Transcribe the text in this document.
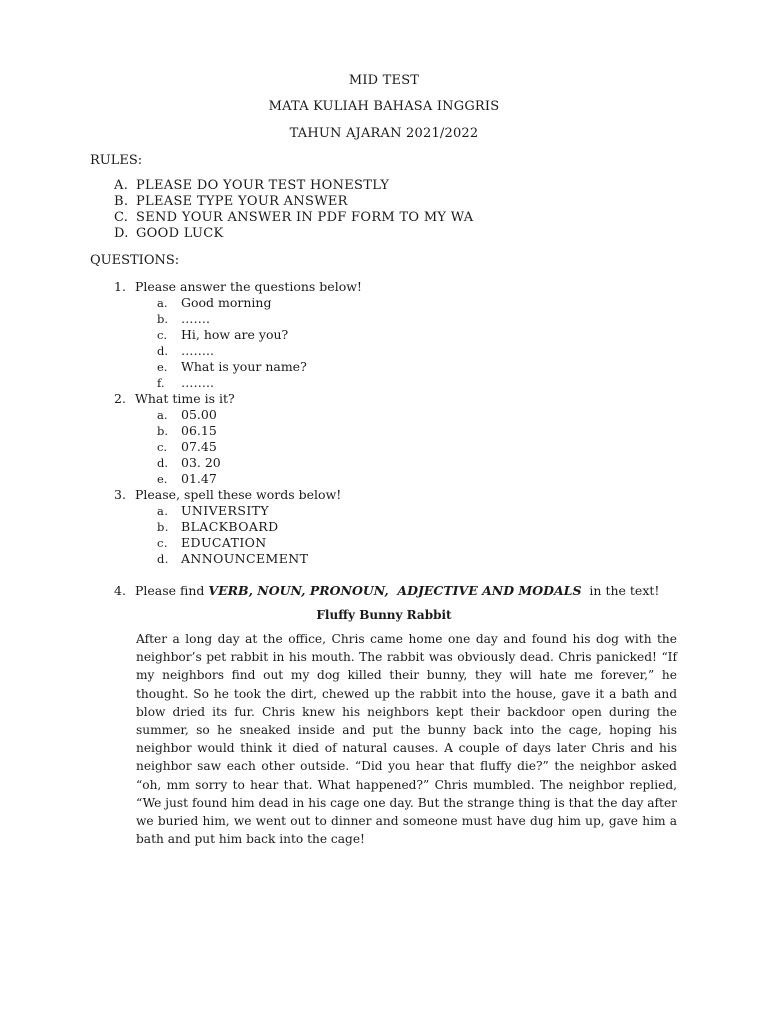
MID TEST
MATA KULIAH BAHASA INGGRIS
TAHUN AJARAN 2021/2022
RULES:
A. PLEASE DO YOUR TEST HONESTLY
B. PLEASE TYPE YOUR ANSWER
C. SEND YOUR ANSWER IN PDF FORM TO MY WA
D. GOOD LUCK
QUESTIONS:
1. Please answer the questions below!
a. Good morning
b. …….
c. Hi, how are you?
d. ……..
e. What is your name?
f. ……..
2. What time is it?
a. 05.00
b. 06.15
c. 07.45
d. 03. 20
e. 01.47
3. Please, spell these words below!
a. UNIVERSITY
b. BLACKBOARD
c. EDUCATION
d. ANNOUNCEMENT
4. Please find VERB, NOUN, PRONOUN,  ADJECTIVE AND MODALS  in the text!
Fluffy Bunny Rabbit
After a long day at the office, Chris came home one day and found his dog with the neighbor’s pet rabbit in his mouth. The rabbit was obviously dead. Chris panicked! “If my neighbors find out my dog killed their bunny, they will hate me forever,” he thought. So he took the dirt, chewed up the rabbit into the house, gave it a bath and blow dried its fur. Chris knew his neighbors kept their backdoor open during the summer, so he sneaked inside and put the bunny back into the cage, hoping his neighbor would think it died of natural causes. A couple of days later Chris and his neighbor saw each other outside. “Did you hear that fluffy die?” the neighbor asked “oh, mm sorry to hear that. What happened?” Chris mumbled. The neighbor replied, “We just found him dead in his cage one day. But the strange thing is that the day after we buried him, we went out to dinner and someone must have dug him up, gave him a bath and put him back into the cage!
